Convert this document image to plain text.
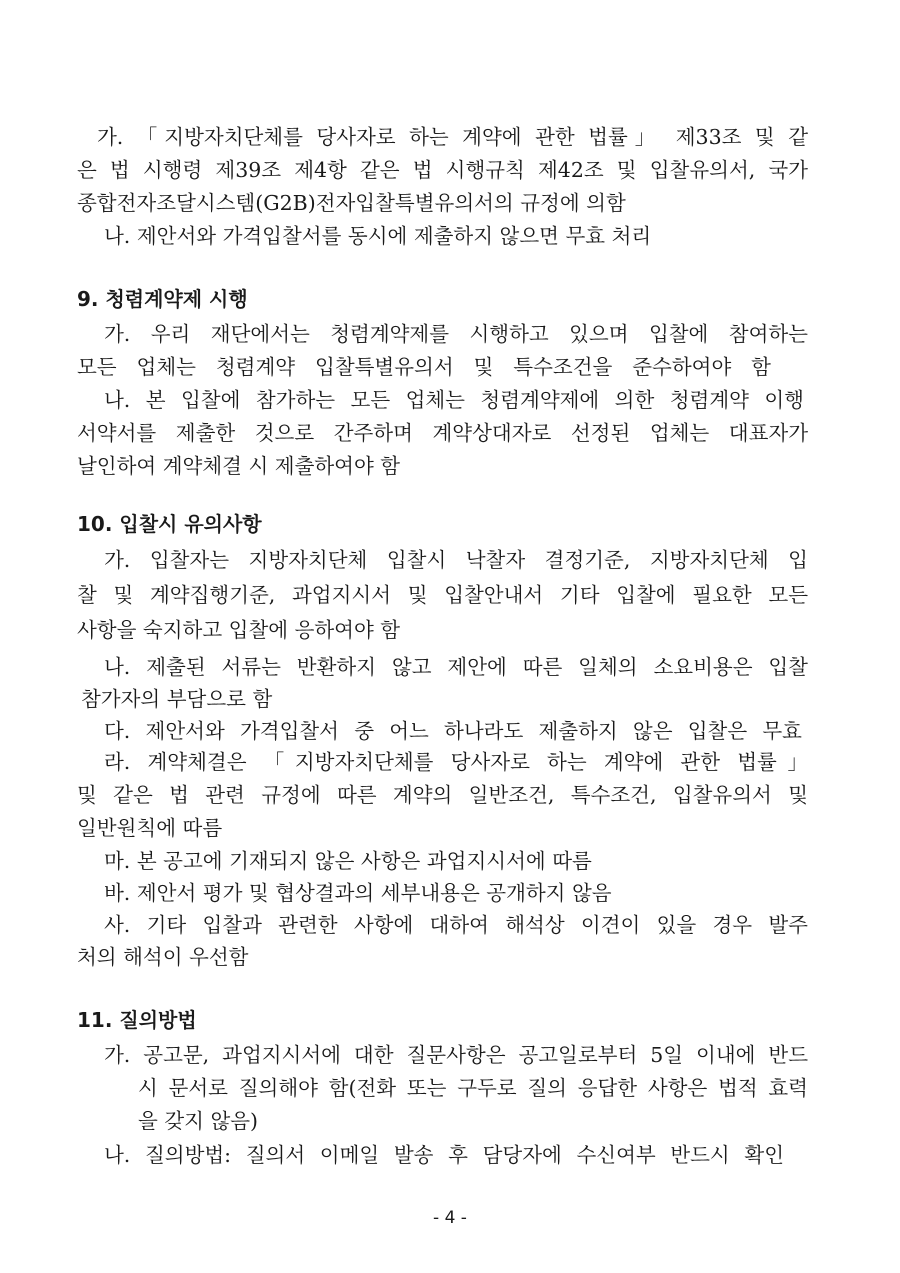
가. 「지방자치단체를 당사자로 하는 계약에 관한 법률」 제33조 및 같
은 법 시행령 제39조 제4항 같은 법 시행규칙 제42조 및 입찰유의서, 국가
종합전자조달시스템(G2B)전자입찰특별유의서의 규정에 의함
나. 제안서와 가격입찰서를 동시에 제출하지 않으면 무효 처리
9. 청렴계약제 시행
가. 우리 재단에서는 청렴계약제를 시행하고 있으며 입찰에 참여하는
모든 업체는 청렴계약 입찰특별유의서 및 특수조건을 준수하여야 함
나. 본 입찰에 참가하는 모든 업체는 청렴계약제에 의한 청렴계약 이행
서약서를 제출한 것으로 간주하며 계약상대자로 선정된 업체는 대표자가
날인하여 계약체결 시 제출하여야 함
10. 입찰시 유의사항
가. 입찰자는 지방자치단체 입찰시 낙찰자 결정기준, 지방자치단체 입
찰 및 계약집행기준, 과업지시서 및 입찰안내서 기타 입찰에 필요한 모든
사항을 숙지하고 입찰에 응하여야 함
나. 제출된 서류는 반환하지 않고 제안에 따른 일체의 소요비용은 입찰
참가자의 부담으로 함
다. 제안서와 가격입찰서 중 어느 하나라도 제출하지 않은 입찰은 무효
라. 계약체결은 「지방자치단체를 당사자로 하는 계약에 관한 법률」
및 같은 법 관련 규정에 따른 계약의 일반조건, 특수조건, 입찰유의서 및
일반원칙에 따름
마. 본 공고에 기재되지 않은 사항은 과업지시서에 따름
바. 제안서 평가 및 협상결과의 세부내용은 공개하지 않음
사. 기타 입찰과 관련한 사항에 대하여 해석상 이견이 있을 경우 발주
처의 해석이 우선함
11. 질의방법
가. 공고문, 과업지시서에 대한 질문사항은 공고일로부터 5일 이내에 반드
시 문서로 질의해야 함(전화 또는 구두로 질의 응답한 사항은 법적 효력
을 갖지 않음)
나. 질의방법: 질의서 이메일 발송 후 담당자에 수신여부 반드시 확인
- 4 -
